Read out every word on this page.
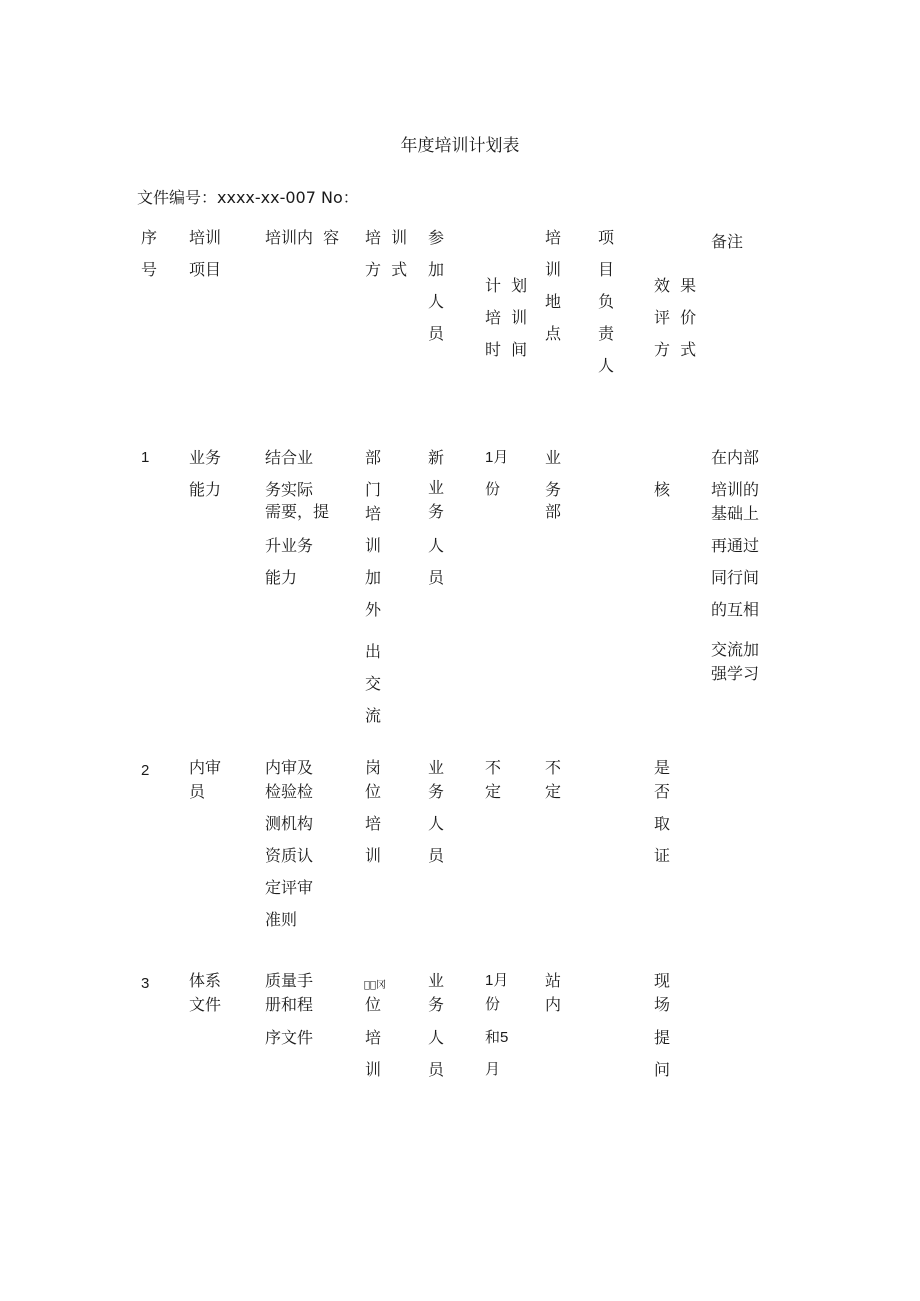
年度培训计划表
文件编号：xxxx-xx-007 No：
序
号
培训
项目
培训内  容 培  训
方  式
参
加
人
员
计  划
培  训
时  间
培
训
地
点
项
目
负
责
人
效  果
评  价
方  式
备注
1 业务
能力
结合业
务实际
需要，提
升业务
能力
部
门
培
训
加
外
出
交
流
新
业
务
人
员
1月
份
业
务
部
核
在内部
培训的
基础上
再通过
同行间
的互相
交流加
强学习
2 内审
员
内审及
检验检
测机构
资质认
定评审
准则
岗
位
培
训
业
务
人
员
不
定
不
定
是
否
取
证
3 体系
文件
质量手
册和程
序文件
  冈
位
培
训
业
务
人
员
1月
份
和5
月
站
内
现
场
提
问
